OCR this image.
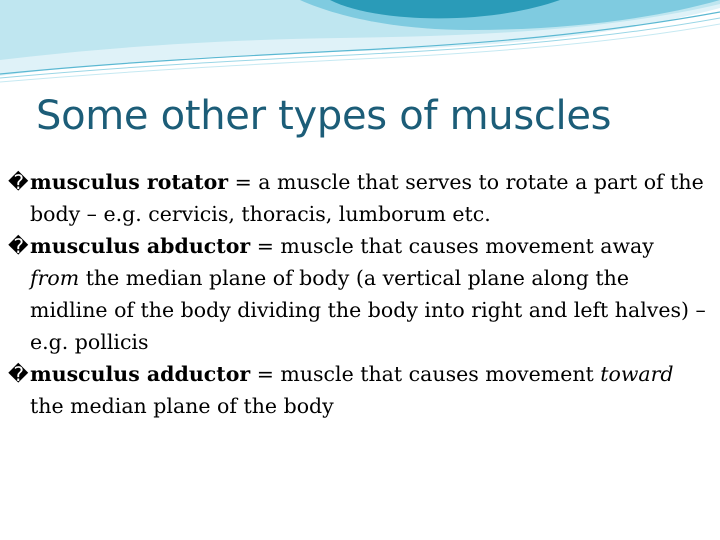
Some other types of muscles

�musculus rotator = a muscle that serves to rotate a part of the body – e.g. cervicis, thoracis, lumborum etc.

�musculus abductor = muscle that causes movement away from the median plane of body (a vertical plane along the midline of the body dividing the body into right and left halves) – e.g. pollicis

�musculus adductor = muscle that causes movement toward the median plane of the body
